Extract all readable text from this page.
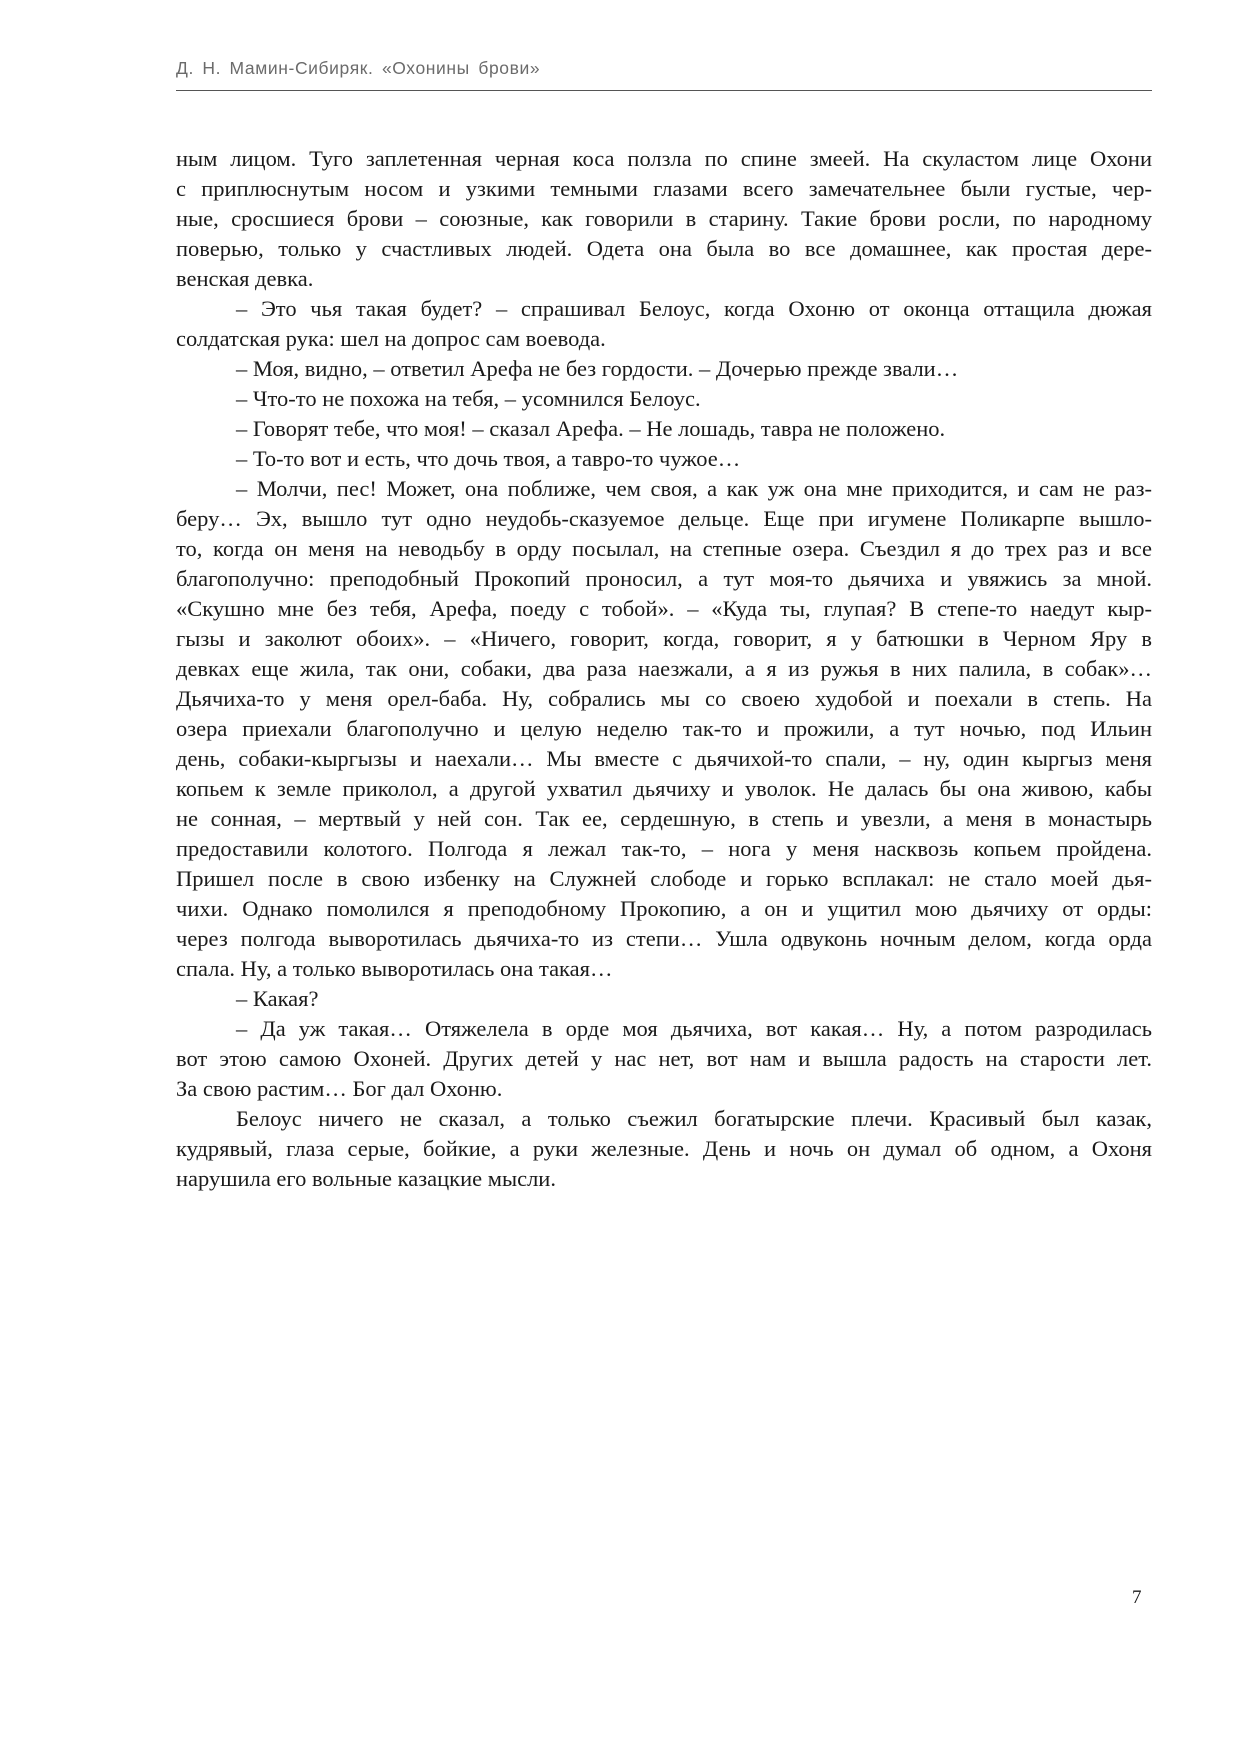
Д. Н. Мамин-Сибиряк. «Охонины брови»
ным лицом. Туго заплетенная черная коса ползла по спине змеей. На скуластом лице Охони
с приплюснутым носом и узкими темными глазами всего замечательнее были густые, чер-
ные, сросшиеся брови – союзные, как говорили в старину. Такие брови росли, по народному
поверью, только у счастливых людей. Одета она была во все домашнее, как простая дере-
венская девка.
– Это чья такая будет? – спрашивал Белоус, когда Охоню от оконца оттащила дюжая
солдатская рука: шел на допрос сам воевода.
– Моя, видно, – ответил Арефа не без гордости. – Дочерью прежде звали…
– Что-то не похожа на тебя, – усомнился Белоус.
– Говорят тебе, что моя! – сказал Арефа. – Не лошадь, тавра не положено.
– То-то вот и есть, что дочь твоя, а тавро-то чужое…
– Молчи, пес! Может, она поближе, чем своя, а как уж она мне приходится, и сам не раз-
беру… Эх, вышло тут одно неудобь-сказуемое дельце. Еще при игумене Поликарпе вышло-
то, когда он меня на неводьбу в орду посылал, на степные озера. Съездил я до трех раз и все
благополучно: преподобный Прокопий проносил, а тут моя-то дьячиха и увяжись за мной.
«Скушно мне без тебя, Арефа, поеду с тобой». – «Куда ты, глупая? В степе-то наедут кыр-
гызы и заколют обоих». – «Ничего, говорит, когда, говорит, я у батюшки в Черном Яру в
девках еще жила, так они, собаки, два раза наезжали, а я из ружья в них палила, в собак»…
Дьячиха-то у меня орел-баба. Ну, собрались мы со своею худобой и поехали в степь. На
озера приехали благополучно и целую неделю так-то и прожили, а тут ночью, под Ильин
день, собаки-кыргызы и наехали… Мы вместе с дьячихой-то спали, – ну, один кыргыз меня
копьем к земле приколол, а другой ухватил дьячиху и уволок. Не далась бы она живою, кабы
не сонная, – мертвый у ней сон. Так ее, сердешную, в степь и увезли, а меня в монастырь
предоставили колотого. Полгода я лежал так-то, – нога у меня насквозь копьем пройдена.
Пришел после в свою избенку на Служней слободе и горько всплакал: не стало моей дья-
чихи. Однако помолился я преподобному Прокопию, а он и ущитил мою дьячиху от орды:
через полгода выворотилась дьячиха-то из степи… Ушла одвуконь ночным делом, когда орда
спала. Ну, а только выворотилась она такая…
– Какая?
– Да уж такая… Отяжелела в орде моя дьячиха, вот какая… Ну, а потом разродилась
вот этою самою Охоней. Других детей у нас нет, вот нам и вышла радость на старости лет.
За свою растим… Бог дал Охоню.
Белоус ничего не сказал, а только съежил богатырские плечи. Красивый был казак,
кудрявый, глаза серые, бойкие, а руки железные. День и ночь он думал об одном, а Охоня
нарушила его вольные казацкие мысли.
7
